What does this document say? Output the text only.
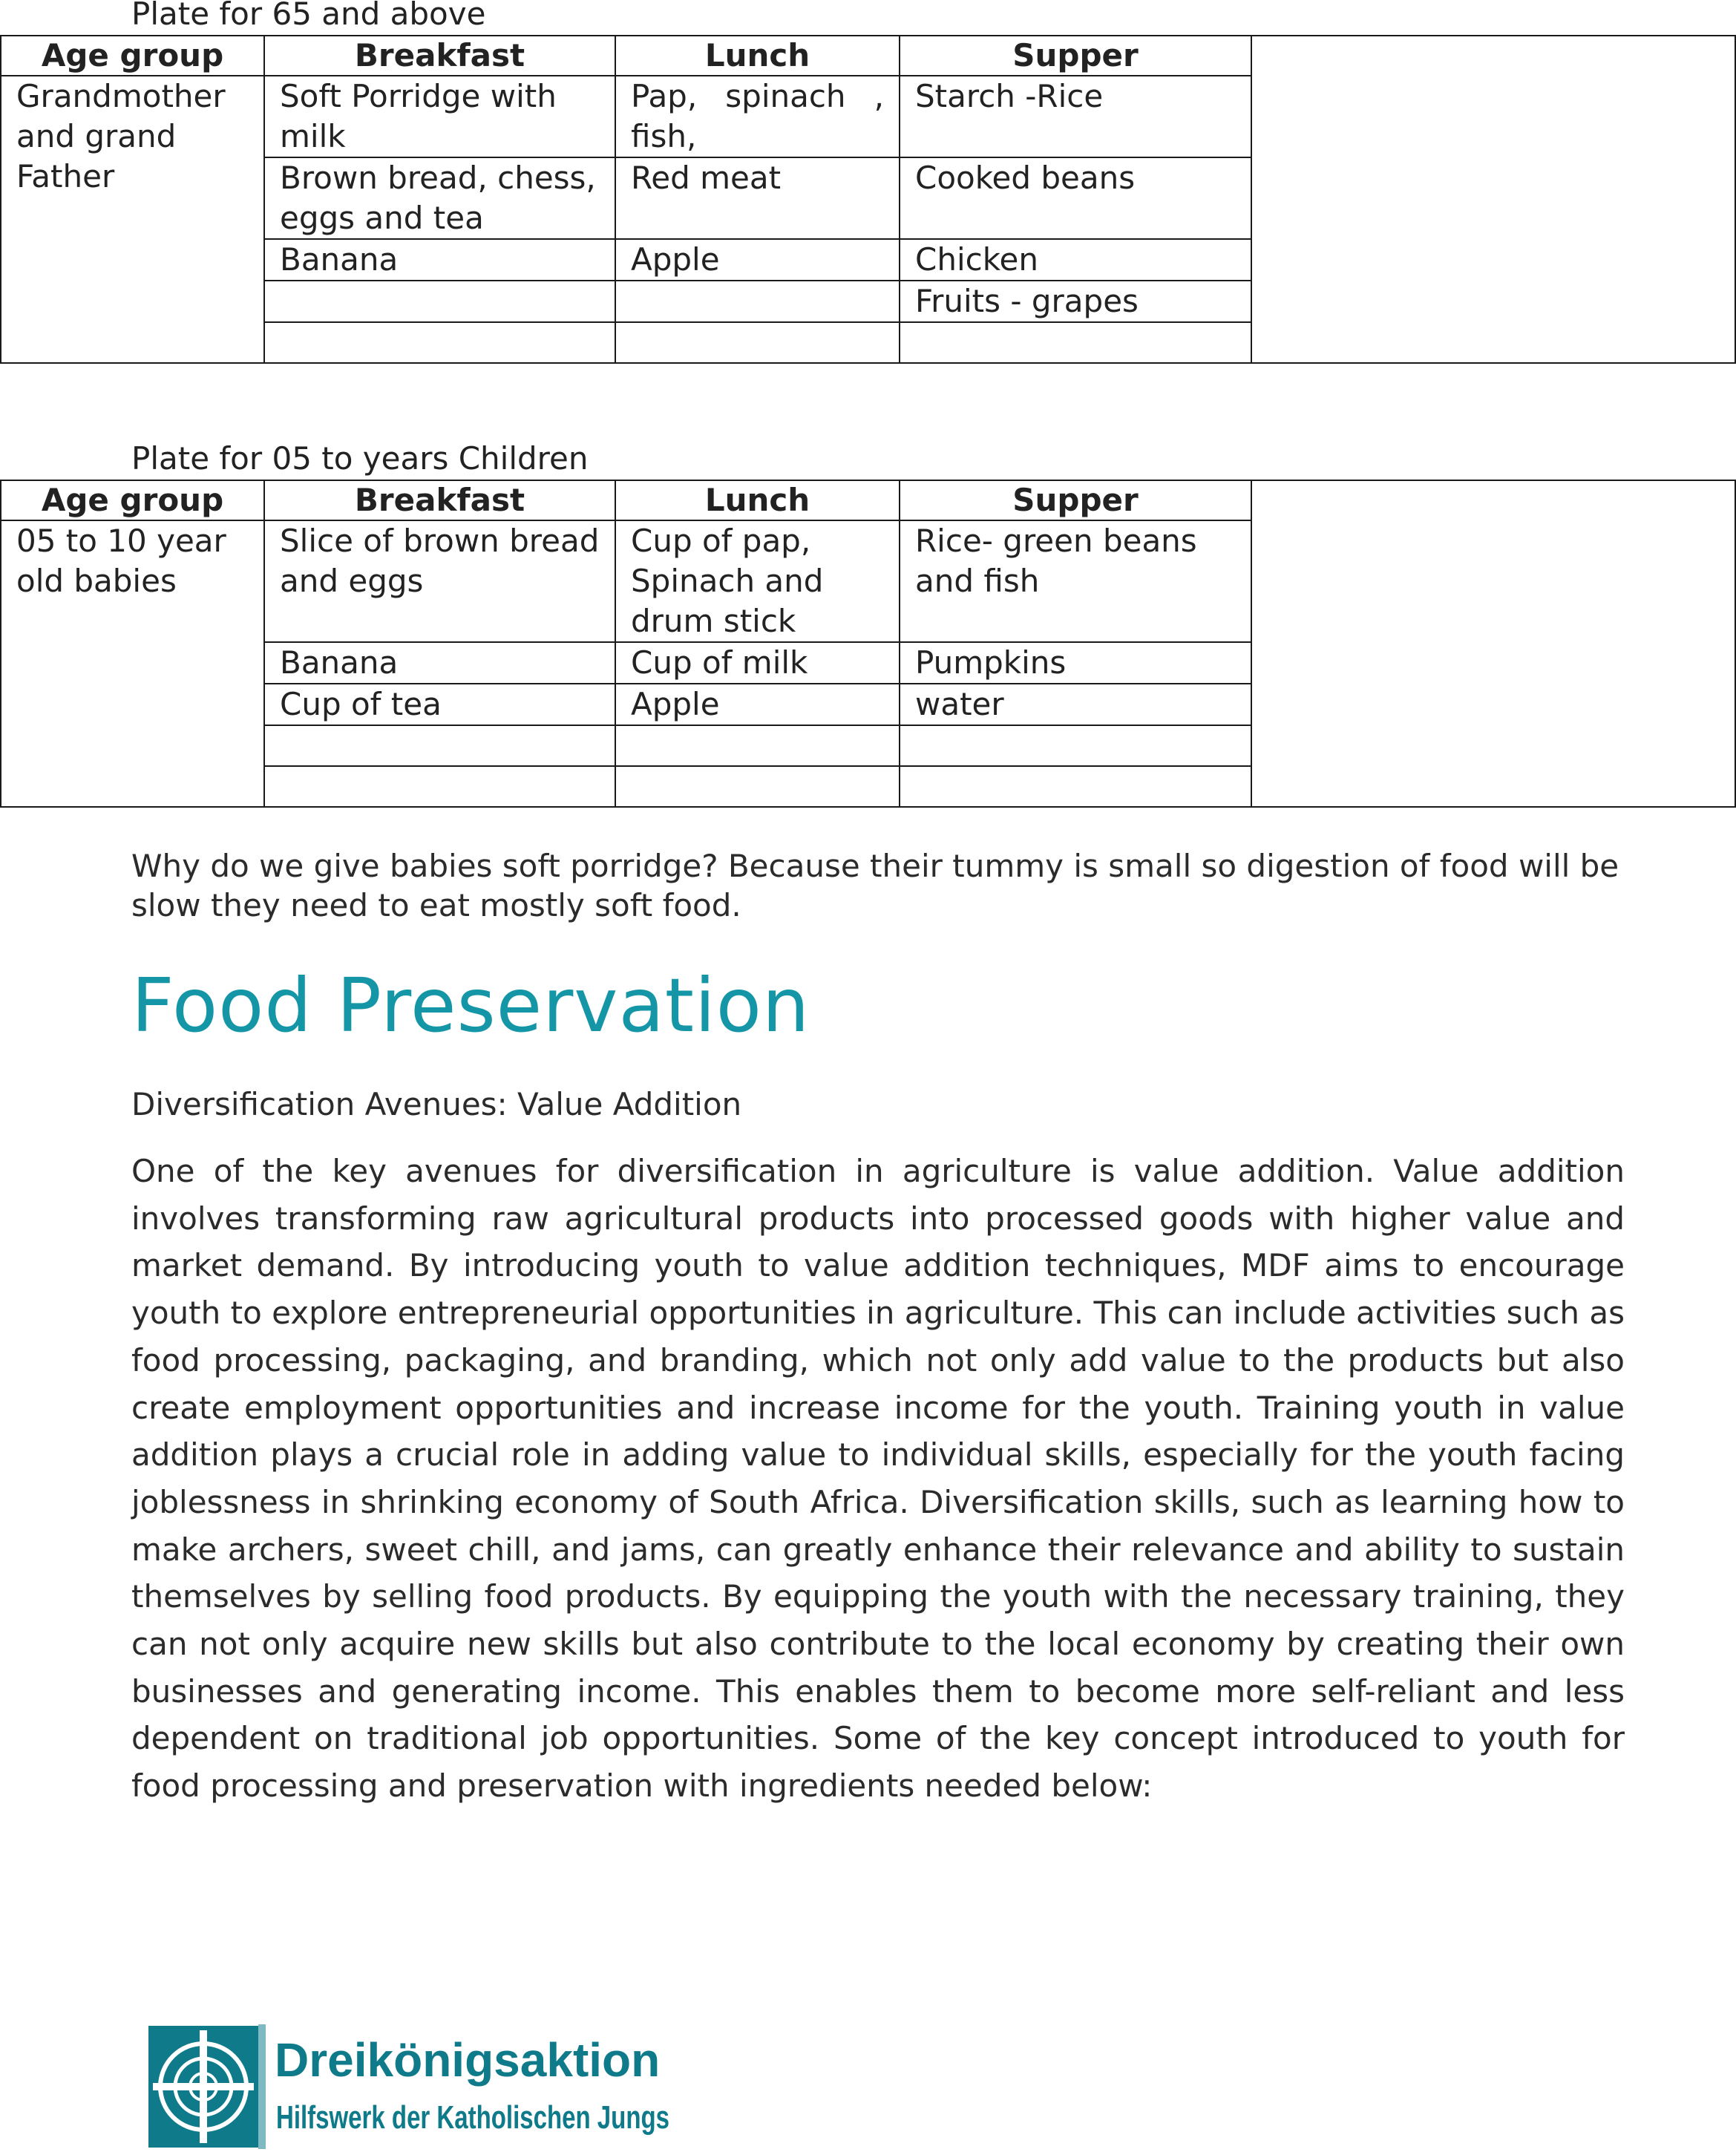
Plate for 65 and above
Age group	Breakfast	Lunch	Supper	
Grandmother and grand Father	Soft Porridge with milk	Pap, spinach , fish,	Starch -Rice	
	Brown bread, chess, eggs and tea	Red meat	Cooked beans	
	Banana	Apple	Chicken	
			Fruits - grapes	

Plate for 05 to years Children
Age group	Breakfast	Lunch	Supper	
05 to 10 year old babies	Slice of brown bread and eggs	Cup of pap, Spinach and drum stick	Rice- green beans and fish	
	Banana	Cup of milk	Pumpkins	
	Cup of tea	Apple	water	

Why do we give babies soft porridge? Because their tummy is small so digestion of food will be slow they need to eat mostly soft food.
Food Preservation
Diversification Avenues: Value Addition
One of the key avenues for diversification in agriculture is value addition. Value addition involves transforming raw agricultural products into processed goods with higher value and market demand. By introducing youth to value addition techniques, MDF aims to encourage youth to explore entrepreneurial opportunities in agriculture. This can include activities such as food processing, packaging, and branding, which not only add value to the products but also create employment opportunities and increase income for the youth. Training youth in value addition plays a crucial role in adding value to individual skills, especially for the youth facing joblessness in shrinking economy of South Africa. Diversification skills, such as learning how to make archers, sweet chill, and jams, can greatly enhance their relevance and ability to sustain themselves by selling food products. By equipping the youth with the necessary training, they can not only acquire new skills but also contribute to the local economy by creating their own businesses and generating income. This enables them to become more self-reliant and less dependent on traditional job opportunities. Some of the key concept introduced to youth for food processing and preservation with ingredients needed below:
Dreikönigsaktion
Hilfswerk der Katholischen Jungs
